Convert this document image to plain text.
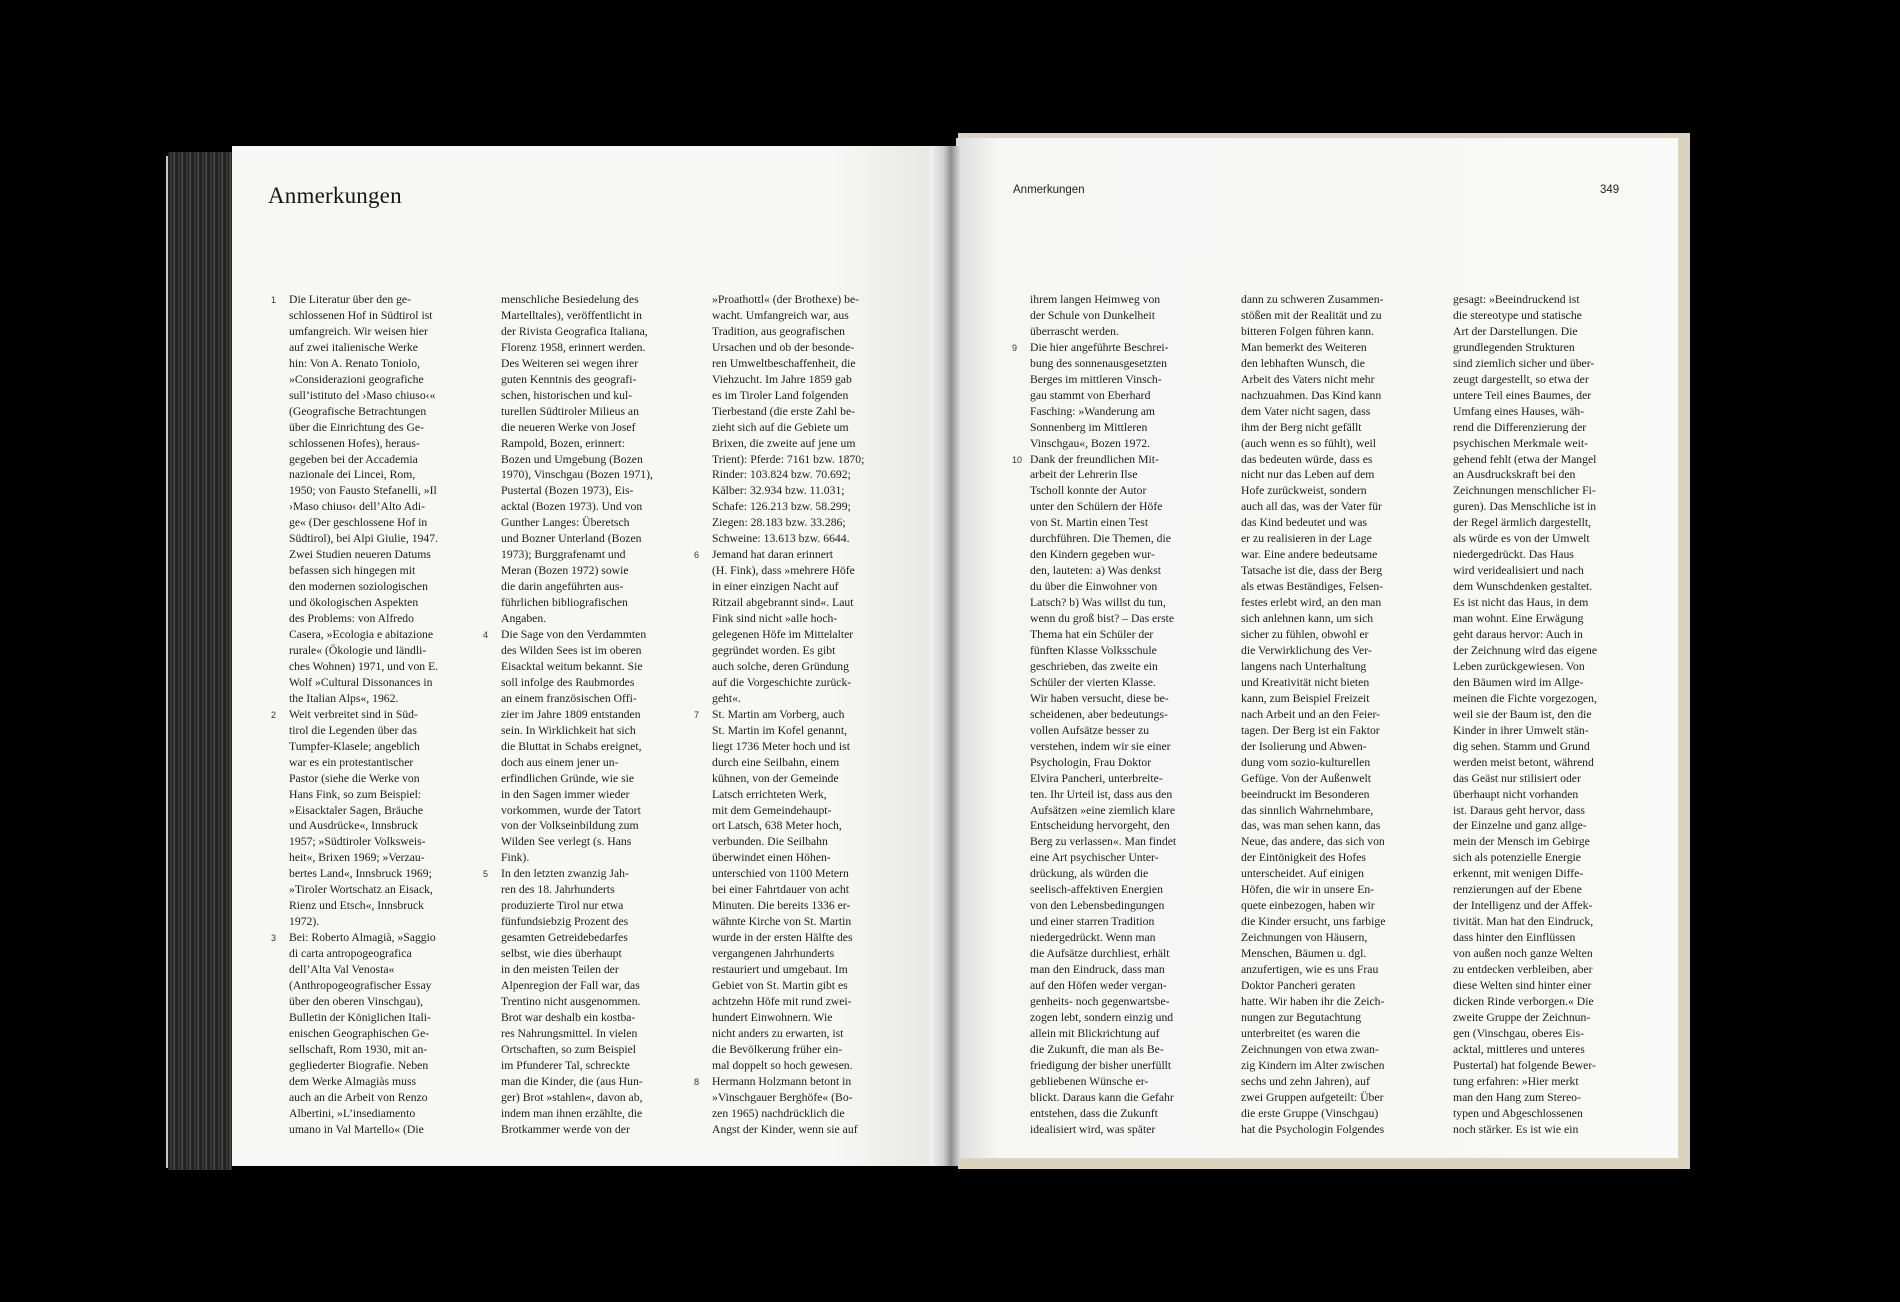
Anmerkungen	Anmerkungen	349
1 Die Literatur über den ge-
schlossenen Hof in Südtirol ist
umfangreich. Wir weisen hier
auf zwei italienische Werke
hin: Von A. Renato Toniolo,
»Considerazioni geografiche
sull’istituto del ›Maso chiuso‹«
(Geografische Betrachtungen
über die Einrichtung des Ge-
schlossenen Hofes), heraus-
gegeben bei der Accademia
nazionale dei Lincei, Rom,
1950; von Fausto Stefanelli, »Il
›Maso chiuso‹ dell’Alto Adi-
ge« (Der geschlossene Hof in
Südtirol), bei Alpi Giulie, 1947.
Zwei Studien neueren Datums
befassen sich hingegen mit
den modernen soziologischen
und ökologischen Aspekten
des Problems: von Alfredo
Casera, »Ecologia e abitazione
rurale« (Ökologie und ländli-
ches Wohnen) 1971, und von E.
Wolf »Cultural Dissonances in
the Italian Alps«, 1962.
2 Weit verbreitet sind in Süd-
tirol die Legenden über das
Tumpfer-Klasele; angeblich
war es ein protestantischer
Pastor (siehe die Werke von
Hans Fink, so zum Beispiel:
»Eisacktaler Sagen, Bräuche
und Ausdrücke«, Innsbruck
1957; »Südtiroler Volksweis-
heit«, Brixen 1969; »Verzau-
bertes Land«, Innsbruck 1969;
»Tiroler Wortschatz an Eisack,
Rienz und Etsch«, Innsbruck
1972).
3 Bei: Roberto Almagià, »Saggio
di carta antropogeografica
dell’Alta Val Venosta«
(Anthropogeografischer Essay
über den oberen Vinschgau),
Bulletin der Königlichen Itali-
enischen Geographischen Ge-
sellschaft, Rom 1930, mit an-
gegliederter Biografie. Neben
dem Werke Almagiàs muss
auch an die Arbeit von Renzo
Albertini, »L’insediamento
umano in Val Martello« (Die
menschliche Besiedelung des
Martelltales), veröffentlicht in
der Rivista Geografica Italiana,
Florenz 1958, erinnert werden.
Des Weiteren sei wegen ihrer
guten Kenntnis des geografi-
schen, historischen und kul-
turellen Südtiroler Milieus an
die neueren Werke von Josef
Rampold, Bozen, erinnert:
Bozen und Umgebung (Bozen
1970), Vinschgau (Bozen 1971),
Pustertal (Bozen 1973), Eis-
acktal (Bozen 1973). Und von
Gunther Langes: Überetsch
und Bozner Unterland (Bozen
1973); Burggrafenamt und
Meran (Bozen 1972) sowie
die darin angeführten aus-
führlichen bibliografischen
Angaben.
4 Die Sage von den Verdammten
des Wilden Sees ist im oberen
Eisacktal weitum bekannt. Sie
soll infolge des Raubmordes
an einem französischen Offi-
zier im Jahre 1809 entstanden
sein. In Wirklichkeit hat sich
die Bluttat in Schabs ereignet,
doch aus einem jener un-
erfindlichen Gründe, wie sie
in den Sagen immer wieder
vorkommen, wurde der Tatort
von der Volkseinbildung zum
Wilden See verlegt (s. Hans
Fink).
5 In den letzten zwanzig Jah-
ren des 18. Jahrhunderts
produzierte Tirol nur etwa
fünfundsiebzig Prozent des
gesamten Getreidebedarfes
selbst, wie dies überhaupt
in den meisten Teilen der
Alpenregion der Fall war, das
Trentino nicht ausgenommen.
Brot war deshalb ein kostba-
res Nahrungsmittel. In vielen
Ortschaften, so zum Beispiel
im Pfunderer Tal, schreckte
man die Kinder, die (aus Hun-
ger) Brot »stahlen«, davon ab,
indem man ihnen erzählte, die
Brotkammer werde von der
»Proathottl« (der Brothexe) be-
wacht. Umfangreich war, aus
Tradition, aus geografischen
Ursachen und ob der besonde-
ren Umweltbeschaffenheit, die
Viehzucht. Im Jahre 1859 gab
es im Tiroler Land folgenden
Tierbestand (die erste Zahl be-
zieht sich auf die Gebiete um
Brixen, die zweite auf jene um
Trient): Pferde: 7161 bzw. 1870;
Rinder: 103.824 bzw. 70.692;
Kälber: 32.934 bzw. 11.031;
Schafe: 126.213 bzw. 58.299;
Ziegen: 28.183 bzw. 33.286;
Schweine: 13.613 bzw. 6644.
6 Jemand hat daran erinnert
(H. Fink), dass »mehrere Höfe
in einer einzigen Nacht auf
Ritzail abgebrannt sind«. Laut
Fink sind nicht »alle hoch-
gelegenen Höfe im Mittelalter
gegründet worden. Es gibt
auch solche, deren Gründung
auf die Vorgeschichte zurück-
geht«.
7 St. Martin am Vorberg, auch
St. Martin im Kofel genannt,
liegt 1736 Meter hoch und ist
durch eine Seilbahn, einem
kühnen, von der Gemeinde
Latsch errichteten Werk,
mit dem Gemeindehaupt-
ort Latsch, 638 Meter hoch,
verbunden. Die Seilbahn
überwindet einen Höhen-
unterschied von 1100 Metern
bei einer Fahrtdauer von acht
Minuten. Die bereits 1336 er-
wähnte Kirche von St. Martin
wurde in der ersten Hälfte des
vergangenen Jahrhunderts
restauriert und umgebaut. Im
Gebiet von St. Martin gibt es
achtzehn Höfe mit rund zwei-
hundert Einwohnern. Wie
nicht anders zu erwarten, ist
die Bevölkerung früher ein-
mal doppelt so hoch gewesen.
8 Hermann Holzmann betont in
»Vinschgauer Berghöfe« (Bo-
zen 1965) nachdrücklich die
Angst der Kinder, wenn sie auf
ihrem langen Heimweg von
der Schule von Dunkelheit
überrascht werden.
9 Die hier angeführte Beschrei-
bung des sonnenausgesetzten
Berges im mittleren Vinsch-
gau stammt von Eberhard
Fasching: »Wanderung am
Sonnenberg im Mittleren
Vinschgau«, Bozen 1972.
10 Dank der freundlichen Mit-
arbeit der Lehrerin Ilse
Tscholl konnte der Autor
unter den Schülern der Höfe
von St. Martin einen Test
durchführen. Die Themen, die
den Kindern gegeben wur-
den, lauteten: a) Was denkst
du über die Einwohner von
Latsch? b) Was willst du tun,
wenn du groß bist? – Das erste
Thema hat ein Schüler der
fünften Klasse Volksschule
geschrieben, das zweite ein
Schüler der vierten Klasse.
Wir haben versucht, diese be-
scheidenen, aber bedeutungs-
vollen Aufsätze besser zu
verstehen, indem wir sie einer
Psychologin, Frau Doktor
Elvira Pancheri, unterbreite-
ten. Ihr Urteil ist, dass aus den
Aufsätzen »eine ziemlich klare
Entscheidung hervorgeht, den
Berg zu verlassen«. Man findet
eine Art psychischer Unter-
drückung, als würden die
seelisch-affektiven Energien
von den Lebensbedingungen
und einer starren Tradition
niedergedrückt. Wenn man
die Aufsätze durchliest, erhält
man den Eindruck, dass man
auf den Höfen weder vergan-
genheits- noch gegenwartsbe-
zogen lebt, sondern einzig und
allein mit Blickrichtung auf
die Zukunft, die man als Be-
friedigung der bisher unerfüllt
gebliebenen Wünsche er-
blickt. Daraus kann die Gefahr
entstehen, dass die Zukunft
idealisiert wird, was später
dann zu schweren Zusammen-
stößen mit der Realität und zu
bitteren Folgen führen kann.
Man bemerkt des Weiteren
den lebhaften Wunsch, die
Arbeit des Vaters nicht mehr
nachzuahmen. Das Kind kann
dem Vater nicht sagen, dass
ihm der Berg nicht gefällt
(auch wenn es so fühlt), weil
das bedeuten würde, dass es
nicht nur das Leben auf dem
Hofe zurückweist, sondern
auch all das, was der Vater für
das Kind bedeutet und was
er zu realisieren in der Lage
war. Eine andere bedeutsame
Tatsache ist die, dass der Berg
als etwas Beständiges, Felsen-
festes erlebt wird, an den man
sich anlehnen kann, um sich
sicher zu fühlen, obwohl er
die Verwirklichung des Ver-
langens nach Unterhaltung
und Kreativität nicht bieten
kann, zum Beispiel Freizeit
nach Arbeit und an den Feier-
tagen. Der Berg ist ein Faktor
der Isolierung und Abwen-
dung vom sozio-kulturellen
Gefüge. Von der Außenwelt
beeindruckt im Besonderen
das sinnlich Wahrnehmbare,
das, was man sehen kann, das
Neue, das andere, das sich von
der Eintönigkeit des Hofes
unterscheidet. Auf einigen
Höfen, die wir in unsere En-
quete einbezogen, haben wir
die Kinder ersucht, uns farbige
Zeichnungen von Häusern,
Menschen, Bäumen u. dgl.
anzufertigen, wie es uns Frau
Doktor Pancheri geraten
hatte. Wir haben ihr die Zeich-
nungen zur Begutachtung
unterbreitet (es waren die
Zeichnungen von etwa zwan-
zig Kindern im Alter zwischen
sechs und zehn Jahren), auf
zwei Gruppen aufgeteilt: Über
die erste Gruppe (Vinschgau)
hat die Psychologin Folgendes
gesagt: »Beeindruckend ist
die stereotype und statische
Art der Darstellungen. Die
grundlegenden Strukturen
sind ziemlich sicher und über-
zeugt dargestellt, so etwa der
untere Teil eines Baumes, der
Umfang eines Hauses, wäh-
rend die Differenzierung der
psychischen Merkmale weit-
gehend fehlt (etwa der Mangel
an Ausdruckskraft bei den
Zeichnungen menschlicher Fi-
guren). Das Menschliche ist in
der Regel ärmlich dargestellt,
als würde es von der Umwelt
niedergedrückt. Das Haus
wird veridealisiert und nach
dem Wunschdenken gestaltet.
Es ist nicht das Haus, in dem
man wohnt. Eine Erwägung
geht daraus hervor: Auch in
der Zeichnung wird das eigene
Leben zurückgewiesen. Von
den Bäumen wird im Allge-
meinen die Fichte vorgezogen,
weil sie der Baum ist, den die
Kinder in ihrer Umwelt stän-
dig sehen. Stamm und Grund
werden meist betont, während
das Geäst nur stilisiert oder
überhaupt nicht vorhanden
ist. Daraus geht hervor, dass
der Einzelne und ganz allge-
mein der Mensch im Gebirge
sich als potenzielle Energie
erkennt, mit wenigen Diffe-
renzierungen auf der Ebene
der Intelligenz und der Affek-
tivität. Man hat den Eindruck,
dass hinter den Einflüssen
von außen noch ganze Welten
zu entdecken verbleiben, aber
diese Welten sind hinter einer
dicken Rinde verborgen.« Die
zweite Gruppe der Zeichnun-
gen (Vinschgau, oberes Eis-
acktal, mittleres und unteres
Pustertal) hat folgende Bewer-
tung erfahren: »Hier merkt
man den Hang zum Stereo-
typen und Abgeschlossenen
noch stärker. Es ist wie ein
